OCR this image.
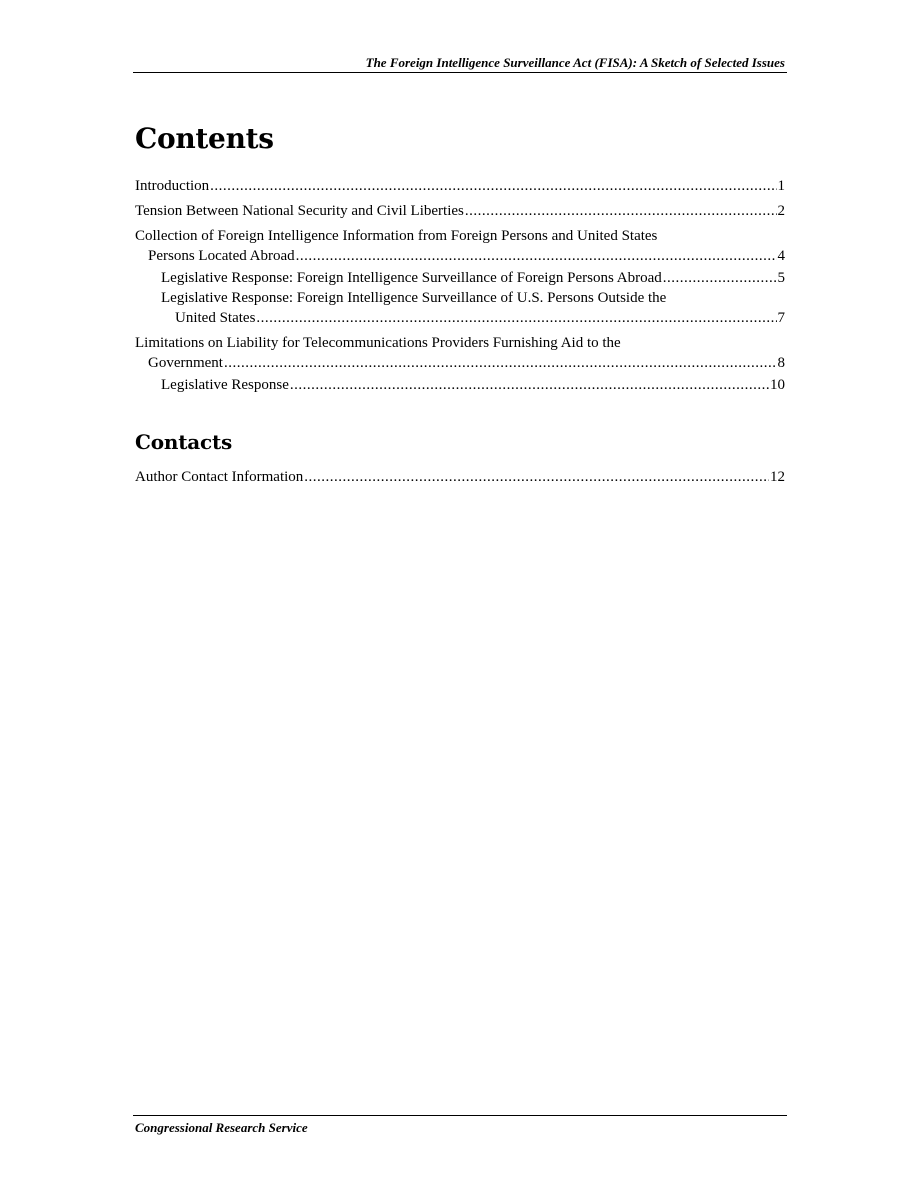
The Foreign Intelligence Surveillance Act (FISA): A Sketch of Selected Issues
Contents
Introduction .....	1
Tension Between National Security and Civil Liberties .....	2
Collection of Foreign Intelligence Information from Foreign Persons and United States
Persons Located Abroad .....	4
Legislative Response: Foreign Intelligence Surveillance of Foreign Persons Abroad .....	5
Legislative Response: Foreign Intelligence Surveillance of U.S. Persons Outside the
United States .....	7
Limitations on Liability for Telecommunications Providers Furnishing Aid to the
Government .....	8
Legislative Response .....	10
Contacts
Author Contact Information .....	12
Congressional Research Service
